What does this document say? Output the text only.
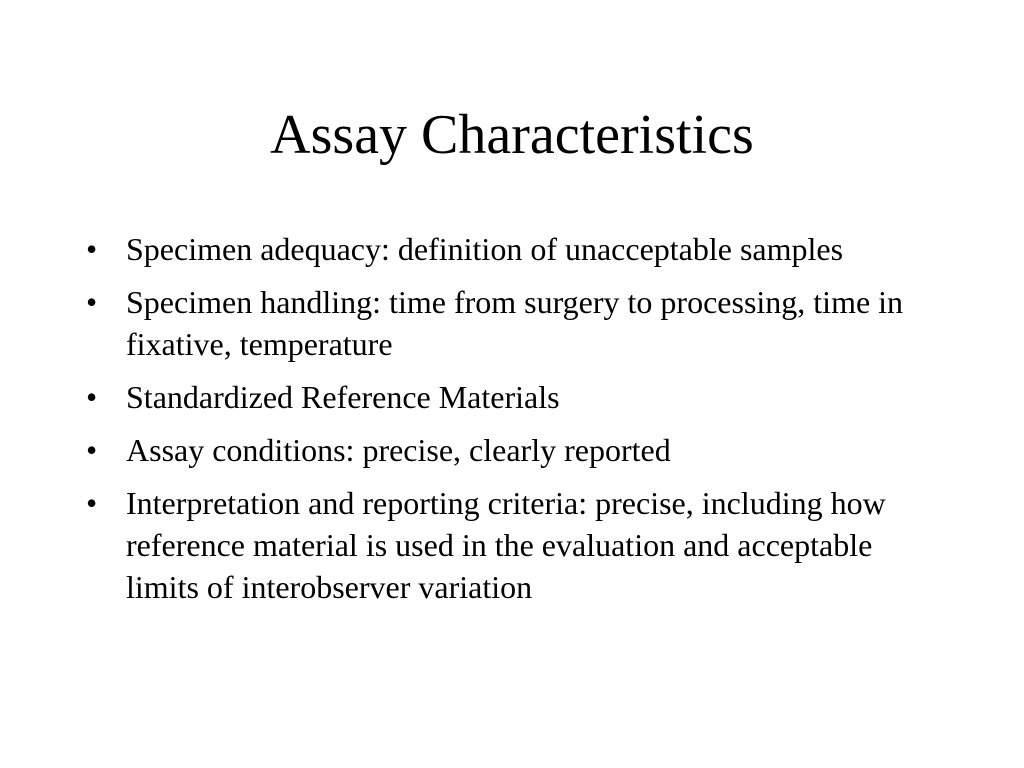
Assay Characteristics
• Specimen adequacy: definition of unacceptable samples
• Specimen handling: time from surgery to processing, time in fixative, temperature
• Standardized Reference Materials
• Assay conditions: precise, clearly reported
• Interpretation and reporting criteria: precise, including how reference material is used in the evaluation and acceptable limits of interobserver variation
